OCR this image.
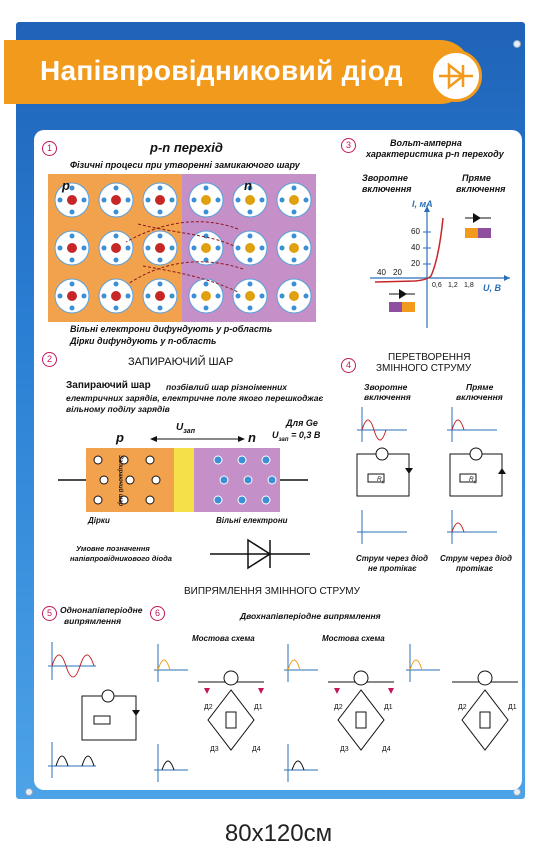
Напівпровідниковий діод
1	p-n перехід
Фізичні процеси при утворенні замикаючого шару
p	n
Вільні електрони дифундують у p-область
Дірки дифундують у n-область
3	Вольт-амперна
характеристика p-n переходу
Зворотне
включення
Пряме
включення
I, мА
U, В
60
40
20
0,6 1,2 1,8
40 20
2	ЗАПИРАЮЧИЙ ШАР
Запираючий шар позбівлий шар різноіменних
електричних зарядів, електричне поле якого перешкоджає
вільному поділу зарядів
p	n
$U_{зап}$
Для Ge
$U_{зап} = 0,3$ В
Запираючий шар
Дірки	Вільні електрони
Умовне позначення
напівпровідникового діода
4
ПЕРЕТВОРЕННЯ
ЗМІННОГО СТРУМУ
Зворотне
включення
Пряме
включення
$R_н$	$R_н$
Струм через діод
не протікає
Струм через діод
протікає
ВИПРЯМЛЕННЯ ЗМІННОГО СТРУМУ
5 Однонапівперіодне
випрямлення
6	Двохнапівперіодне випрямлення
Мостова схема	Мостова схема
Д2	Д1
Д3	Д4
Д2	Д1
Д3	Д4
Д2	Д1
80х120см
